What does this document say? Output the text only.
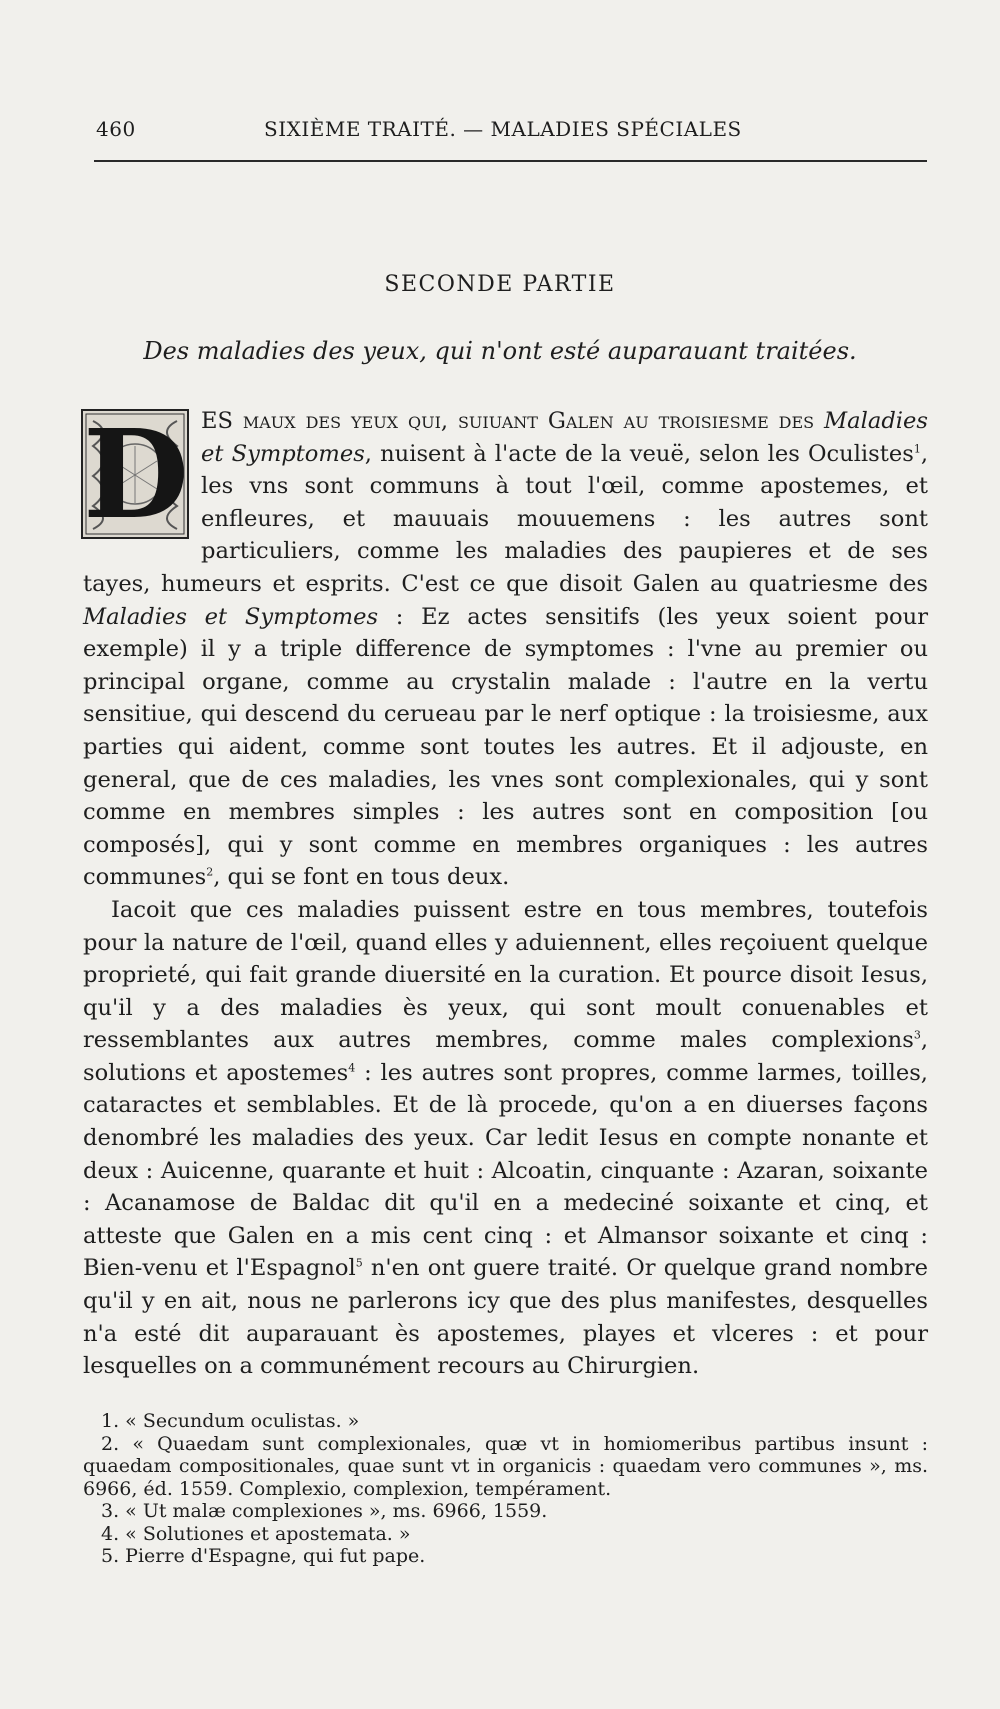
460	SIXIÈME TRAITÉ. — MALADIES SPÉCIALES
SECONDE PARTIE
Des maladies des yeux, qui n'ont esté auparauant traitées.

D ES maux des yeux qui, suiuant Galen au troisiesme des Maladies et Symptomes, nuisent à l'acte de la veuë, selon les Oculistes$^1$, les vns sont communs à tout l'œil, comme apostemes, et enfleures, et mauuais mouuemens : les autres sont particuliers, comme les maladies des paupieres et de ses tayes, humeurs et esprits. C'est ce que disoit Galen au quatriesme des Maladies et Symptomes : Ez actes sensitifs (les yeux soient pour exemple) il y a triple difference de symptomes : l'vne au premier ou principal organe, comme au crystalin malade : l'autre en la vertu sensitiue, qui descend du cerueau par le nerf optique : la troisiesme, aux parties qui aident, comme sont toutes les autres. Et il adjouste, en general, que de ces maladies, les vnes sont complexionales, qui y sont comme en membres simples : les autres sont en composition [ou composés], qui y sont comme en membres organiques : les autres communes$^2$, qui se font en tous deux.

Iacoit que ces maladies puissent estre en tous membres, toutefois pour la nature de l'œil, quand elles y aduiennent, elles reçoiuent quelque proprieté, qui fait grande diuersité en la curation. Et pource disoit Iesus, qu'il y a des maladies ès yeux, qui sont moult conuenables et ressemblantes aux autres membres, comme males complexions$^3$, solutions et apostemes$^4$ : les autres sont propres, comme larmes, toilles, cataractes et semblables. Et de là procede, qu'on a en diuerses façons denombré les maladies des yeux. Car ledit Iesus en compte nonante et deux : Auicenne, quarante et huit : Alcoatin, cinquante : Azaran, soixante : Acanamose de Baldac dit qu'il en a medeciné soixante et cinq, et atteste que Galen en a mis cent cinq : et Almansor soixante et cinq : Bien-venu et l'Espagnol$^5$ n'en ont guere traité. Or quelque grand nombre qu'il y en ait, nous ne parlerons icy que des plus manifestes, desquelles n'a esté dit auparauant ès apostemes, playes et vlceres : et pour lesquelles on a communément recours au Chirurgien.

1. « Secundum oculistas. »

2. « Quaedam sunt complexionales, quæ vt in homiomeribus partibus insunt : quaedam compositionales, quae sunt vt in organicis : quaedam vero communes », ms. 6966, éd. 1559. Complexio, complexion, tempérament.

3. « Ut malæ complexiones », ms. 6966, 1559.

4. « Solutiones et apostemata. »

5. Pierre d'Espagne, qui fut pape.
